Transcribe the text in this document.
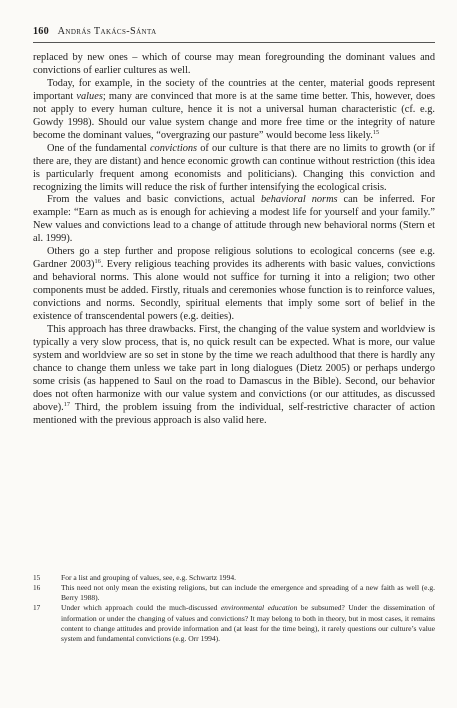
160 András Takács-Sánta

replaced by new ones – which of course may mean foregrounding the dominant values and convictions of earlier cultures as well.

Today, for example, in the society of the countries at the center, material goods represent important values; many are convinced that more is at the same time better. This, however, does not apply to every human culture, hence it is not a universal human characteristic (cf. e.g. Gowdy 1998). Should our value system change and more free time or the integrity of nature become the dominant values, “overgrazing our pasture” would become less likely.$^{15}$

One of the fundamental convictions of our culture is that there are no limits to growth (or if there are, they are distant) and hence economic growth can continue without restriction (this idea is particularly frequent among economists and politicians). Changing this conviction and recognizing the limits will reduce the risk of further intensifying the ecological crisis.

From the values and basic convictions, actual behavioral norms can be inferred. For example: “Earn as much as is enough for achieving a modest life for yourself and your family.” New values and convictions lead to a change of attitude through new behavioral norms (Stern et al. 1999).

Others go a step further and propose religious solutions to ecological concerns (see e.g. Gardner 2003)$^{16}$. Every religious teaching provides its adherents with basic values, convictions and behavioral norms. This alone would not suffice for turning it into a religion; two other components must be added. Firstly, rituals and ceremonies whose function is to reinforce values, convictions and norms. Secondly, spiritual elements that imply some sort of belief in the existence of transcendental powers (e.g. deities).

This approach has three drawbacks. First, the changing of the value system and worldview is typically a very slow process, that is, no quick result can be expected. What is more, our value system and worldview are so set in stone by the time we reach adulthood that there is hardly any chance to change them unless we take part in long dialogues (Dietz 2005) or perhaps undergo some crisis (as happened to Saul on the road to Damascus in the Bible). Second, our behavior does not often harmonize with our value system and convictions (or our attitudes, as discussed above).$^{17}$ Third, the problem issuing from the individual, self-restrictive character of action mentioned with the previous approach is also valid here.

15	For a list and grouping of values, see, e.g. Schwartz 1994.

16	This need not only mean the existing religions, but can include the emergence and spreading of a new faith as well (e.g. Berry 1988).

17	Under which approach could the much-discussed environmental education be subsumed? Under the dissemination of information or under the changing of values and convictions? It may belong to both in theory, but in most cases, it remains content to change attitudes and provide information and (at least for the time being), it rarely questions our culture’s value system and fundamental convictions (e.g. Orr 1994).
